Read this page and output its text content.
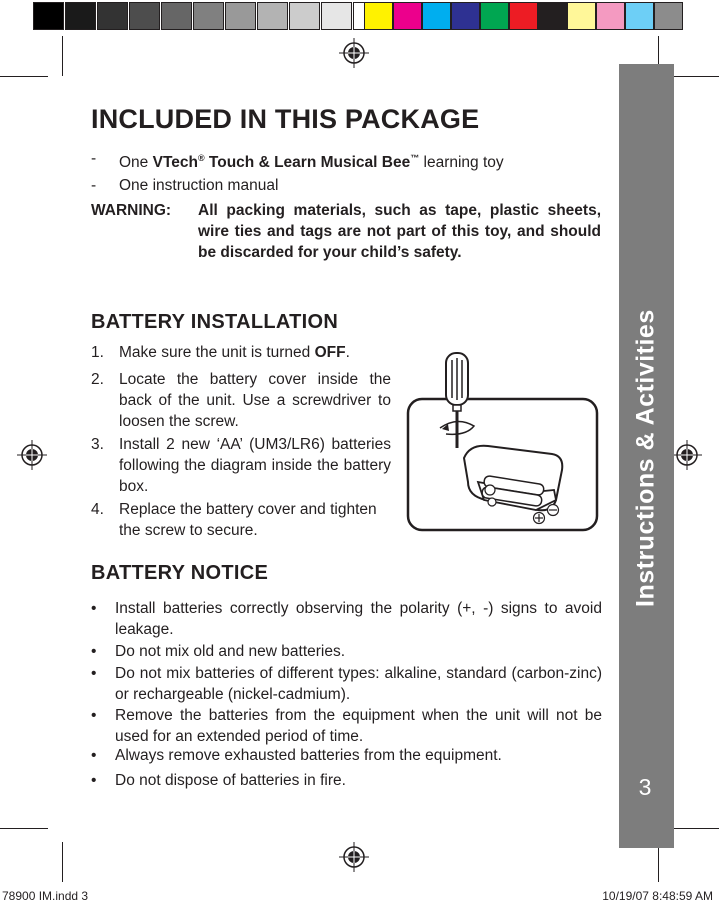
Instructions & Activities
3
INCLUDED IN THIS PACKAGE
-	One VTech® Touch & Learn Musical Bee™ learning toy
-	One instruction manual
WARNING: All packing materials, such as tape, plastic sheets, wire ties and tags are not part of this toy, and should be discarded for your child’s safety.
BATTERY INSTALLATION
1. Make sure the unit is turned OFF.
2. Locate the battery cover inside the back of the unit. Use a screwdriver to loosen the screw.
3. Install 2 new ‘AA’ (UM3/LR6) batteries following the diagram inside the battery box.
4. Replace the battery cover and tighten the screw to secure.
BATTERY NOTICE
•	Install batteries correctly observing the polarity (+, -) signs to avoid leakage.
•	Do not mix old and new batteries.
•	Do not mix batteries of different types: alkaline, standard (carbon-zinc) or rechargeable (nickel-cadmium).
•	Remove the batteries from the equipment when the unit will not be used for an extended period of time.
•	Always remove exhausted batteries from the equipment.
•	Do not dispose of batteries in fire.
78900 IM.indd 3	10/19/07 8:48:59 AM
